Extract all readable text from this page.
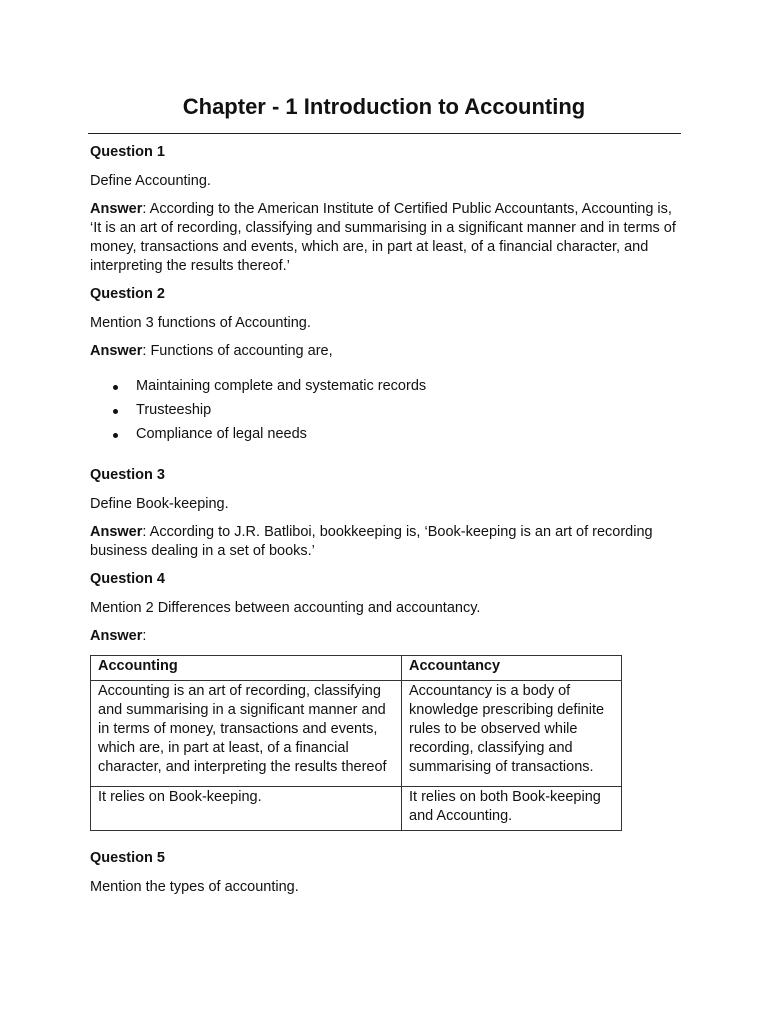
Chapter - 1 Introduction to Accounting
Question 1

Define Accounting.

Answer: According to the American Institute of Certified Public Accountants, Accounting is, ‘It is an art of recording, classifying and summarising in a significant manner and in terms of money, transactions and events, which are, in part at least, of a financial character, and interpreting the results thereof.’

Question 2

Mention 3 functions of Accounting.

Answer: Functions of accounting are,

Maintaining complete and systematic records
Trusteeship
Compliance of legal needs
Question 3

Define Book-keeping.

Answer: According to J.R. Batliboi, bookkeeping is, ‘Book-keeping is an art of recording business dealing in a set of books.’

Question 4

Mention 2 Differences between accounting and accountancy.

Answer:

Accounting	Accountancy
Accounting is an art of recording, classifying and summarising in a significant manner and in terms of money, transactions and events, which are, in part at least, of a financial character, and interpreting the results thereof	Accountancy is a body of knowledge prescribing definite rules to be observed while recording, classifying and summarising of transactions.
It relies on Book-keeping.	It relies on both Book-keeping and Accounting.
Question 5

Mention the types of accounting.
